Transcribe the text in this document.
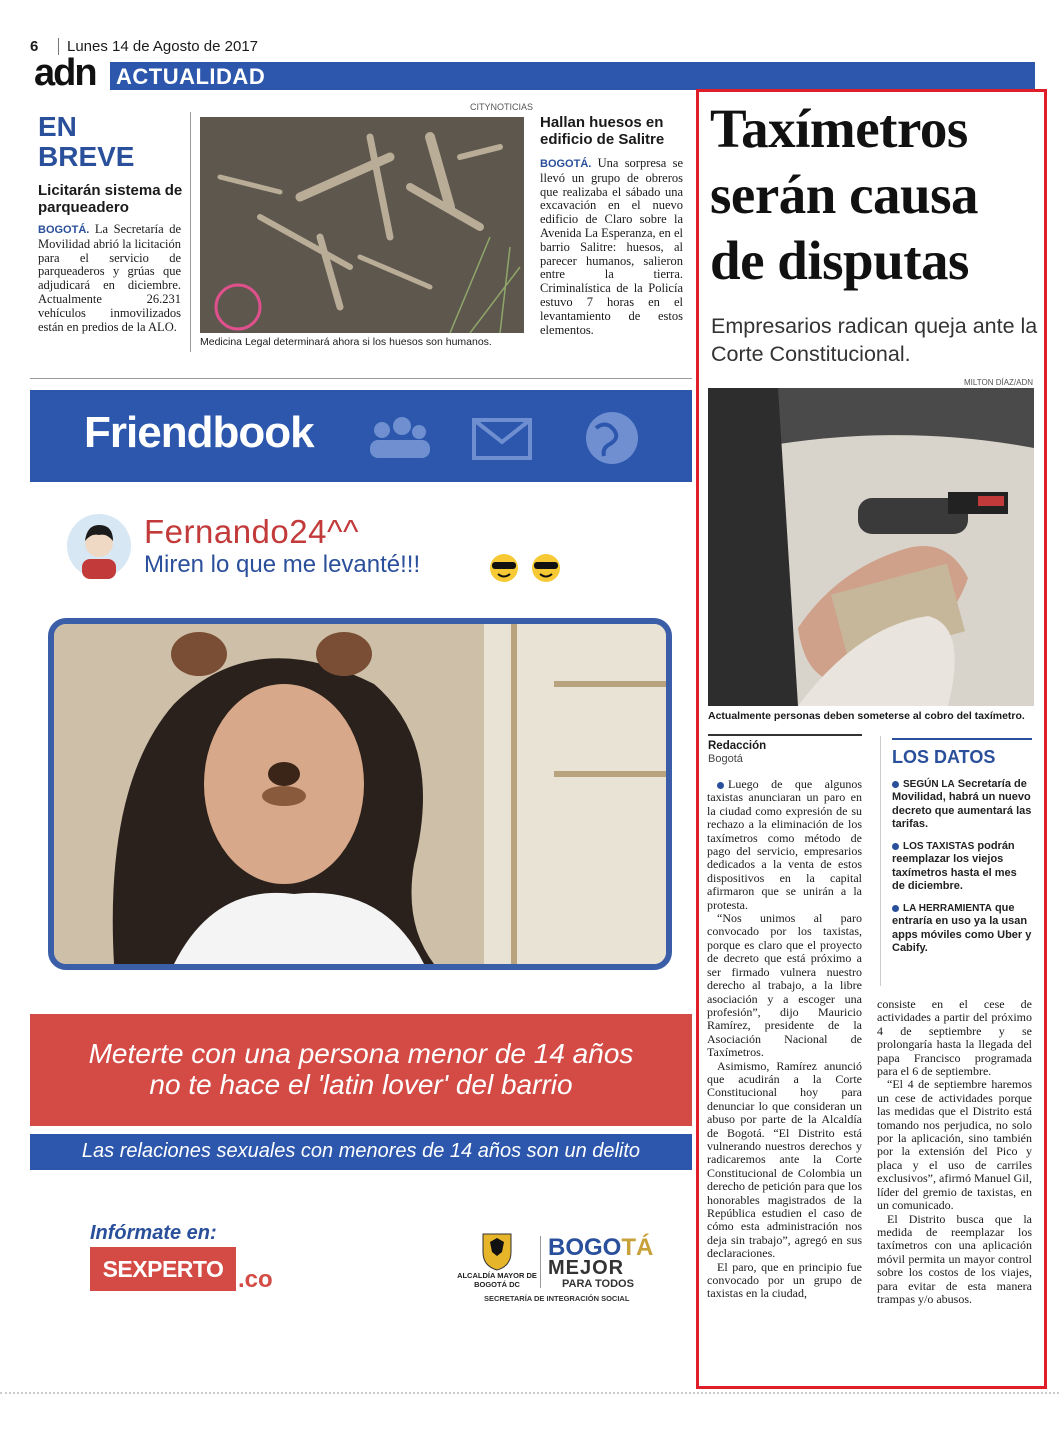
6	Lunes 14 de Agosto de 2017
adn ACTUALIDAD
EN BREVE
Licitarán sistema de parqueadero
BOGOTÁ. La Secretaría de Movilidad abrió la licitación para el servicio de parqueaderos y grúas que adjudicará en diciembre. Actualmente 26.231 vehículos inmovilizados están en predios de la ALO.
CITYNOTICIAS
Medicina Legal determinará ahora si los huesos son humanos.
Hallan huesos en edificio de Salitre
BOGOTÁ. Una sorpresa se llevó un grupo de obreros que realizaba el sábado una excavación en el nuevo edificio de Claro sobre la Avenida La Esperanza, en el barrio Salitre: huesos, al parecer humanos, salieron entre la tierra. Criminalística de la Policía estuvo 7 horas en el levantamiento de estos elementos.
Friendbook
Fernando24^^
Miren lo que me levanté!!!
Meterte con una persona menor de 14 años
no te hace el 'latin lover' del barrio
Las relaciones sexuales con menores de 14 años son un delito
Infórmate en:
SEXPERTO .co	ALCALDÍA MAYOR DE BOGOTÁ DC
BOGOTÁ
MEJOR
PARA TODOS
SECRETARÍA DE INTEGRACIÓN SOCIAL
Taxímetros serán causa de disputas
Empresarios radican queja ante la Corte Constitucional.
MILTON DÍAZ/ADN
Actualmente personas deben someterse al cobro del taxímetro.
Redacción
Bogotá

Luego de que algunos taxistas anunciaran un paro en la ciudad como expresión de su rechazo a la eliminación de los taxímetros como método de pago del servicio, empresarios dedicados a la venta de estos dispositivos en la capital afirmaron que se unirán a la protesta.

“Nos unimos al paro convocado por los taxistas, porque es claro que el proyecto de decreto que está próximo a ser firmado vulnera nuestro derecho al trabajo, a la libre asociación y a escoger una profesión”, dijo Mauricio Ramírez, presidente de la Asociación Nacional de Taxímetros.

Asimismo, Ramírez anunció que acudirán a la Corte Constitucional hoy para denunciar lo que consideran un abuso por parte de la Alcaldía de Bogotá. “El Distrito está vulnerando nuestros derechos y radicaremos ante la Corte Constitucional de Colombia un derecho de petición para que los honorables magistrados de la República estudien el caso de cómo esta administración nos deja sin trabajo”, agregó en sus declaraciones.

El paro, que en principio fue convocado por un grupo de taxistas en la ciudad,

LOS DATOS
SEGÚN LA Secretaría de Movilidad, habrá un nuevo decreto que aumentará las tarifas.
LOS TAXISTAS podrán reemplazar los viejos taxímetros hasta el mes de diciembre.
LA HERRAMIENTA que entraría en uso ya la usan apps móviles como Uber y Cabify.

consiste en el cese de actividades a partir del próximo 4 de septiembre y se prolongaría hasta la llegada del papa Francisco programada para el 6 de septiembre.

“El 4 de septiembre haremos un cese de actividades porque las medidas que el Distrito está tomando nos perjudica, no solo por la aplicación, sino también por la extensión del Pico y placa y el uso de carriles exclusivos”, afirmó Manuel Gil, líder del gremio de taxistas, en un comunicado.

El Distrito busca que la medida de reemplazar los taxímetros con una aplicación móvil permita un mayor control sobre los costos de los viajes, para evitar de esta manera trampas y/o abusos.
